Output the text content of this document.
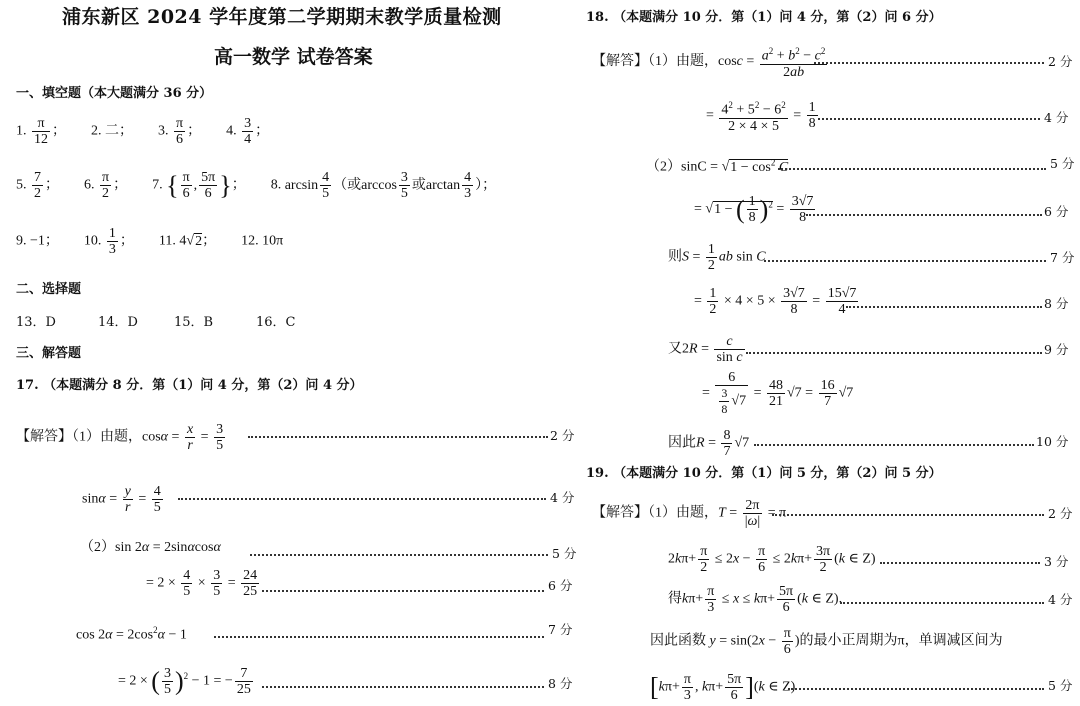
浦东新区 2024 学年度第二学期期末教学质量检测
高一数学 试卷答案
一、填空题（本大题满分 36 分）
1. $\frac{\pi}{12}$ ； 2. 二； 3. $\frac{\pi}{6}$ ； 4. $\frac{3}{4}$ ；
5. $\frac{7}{2}$ ； 6. $\frac{\pi}{2}$ ； 7. { $\frac{\pi}{6}$ , $\frac{5\pi}{6}$ }； 8. $\arcsin \frac{4}{5}$ （或$\arccos \frac{3}{5}$ 或$\arctan \frac{4}{3}$ ）；
9. −1； 10. $\frac{1}{3}$ ； 11. 4√2； 12. 10π
二、选择题
13．D	14．D	15．B	16．C
三、解答题
17. （本题满分 8 分．第（1）问 4 分，第（2）问 4 分）
【解答】（1）由题，$\cos\alpha = \frac{x}{r} = \frac{3}{5}$	2 分
$\sin\alpha = \frac{y}{r} = \frac{4}{5}$	4 分
（2）sin 2α = 2sinαcosα	5 分
= $2 \times \frac{4}{5} \times \frac{3}{5} = \frac{24}{25}$	6 分
$\cos 2\alpha = 2\cos^2\alpha - 1$	7 分
= 2 × ( $\frac{3}{5} )^2 - 1$ = − $\frac{7}{25}$	8 分
18. （本题满分 10 分．第（1）问 4 分，第（2）问 6 分）
【解答】（1）由题，$\cos c = \frac{a^2 + b^2 - c^2}{2ab}$	2 分
= $\frac{4^2 + 5^2 - 6^2}{2 \times 4 \times 5} = \frac{1}{8}$	4 分
$(2)\sin C = √1 - \cos^2 C$	5 分
= √1 − ( $\frac{1}{8} )^2 = \frac{3√7}{8}$	6 分
则$S = \frac{1}{2}$ ab sin C	7 分
= $\frac{1}{2} \times 4 \times 5 \times \frac{3√7}{8} = \frac{15√7}{4}$	8 分
又$2R = \frac{c}{\text{sin c}}$	9 分
= $\frac{6}{\frac{3}{8} √7} = \frac{48}{21} √7 = \frac{16}{7} √7$
因此$R = \frac{8}{7} √7$	10 分
19. （本题满分 10 分．第（1）问 5 分，第（2）问 5 分）
【解答】（1）由题，$T = \frac{2\pi}{|\omega|} = \pi$	2 分
$2k\pi+ \frac{\pi}{2} \le 2x - \frac{\pi}{6} \le 2k\pi+ \frac{3\pi}{2} (k$ ∈ Z)	3 分
得$k\pi+ \frac{\pi}{3} \le x \le k\pi+ \frac{5\pi}{6} (k$ ∈ Z).	4 分
因此函数 $y = \sin(2x - \frac{\pi}{6}$ )的最小正周期为π，单调减区间为
[$k\pi+ \frac{\pi}{3}$ , $k\pi+ \frac{5\pi}{6} ](k$ ∈ Z)	5 分
